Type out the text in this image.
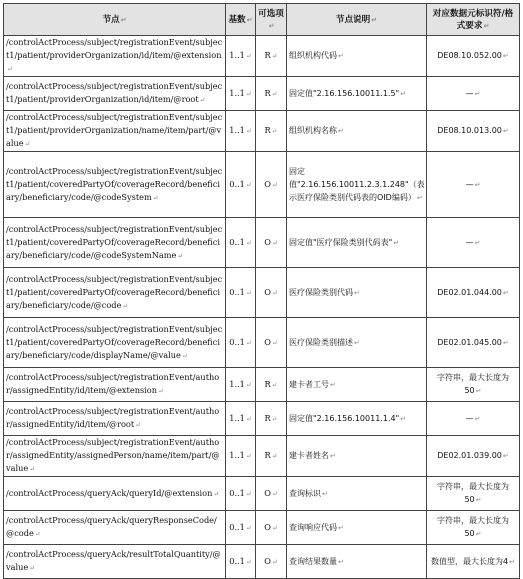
节点↵	基数↵	可选项↵	节点说明↵	对应数据元标识符/格式要求↵
/controlActProcess/subject/registrationEvent/subject1/patient/providerOrganization/id/item/@extension↵	1..1↵	R↵	组织机构代码↵	DE08.10.052.00↵
/controlActProcess/subject/registrationEvent/subject1/patient/providerOrganization/id/item/@root↵	1..1↵	R↵	固定值"2.16.156.10011.1.5"↵	—↵
/controlActProcess/subject/registrationEvent/subject1/patient/providerOrganization/name/item/part/@value↵	1..1↵	R↵	组织机构名称↵	DE08.10.013.00↵
/controlActProcess/subject/registrationEvent/subject1/patient/coveredPartyOf/coverageRecord/beneficiary/beneficiary/code/@codeSystem↵	0..1↵	O↵	固定值"2.16.156.10011.2.3.1.248"（表示医疗保险类别代码表的OID编码）↵	—↵
/controlActProcess/subject/registrationEvent/subject1/patient/coveredPartyOf/coverageRecord/beneficiary/beneficiary/code/@codeSystemName↵	0..1↵	O↵	固定值"医疗保险类别代码表"↵	—↵
/controlActProcess/subject/registrationEvent/subject1/patient/coveredPartyOf/coverageRecord/beneficiary/beneficiary/code/@code↵	0..1↵	O↵	医疗保险类别代码↵	DE02.01.044.00↵
/controlActProcess/subject/registrationEvent/subject1/patient/coveredPartyOf/coverageRecord/beneficiary/beneficiary/code/displayName/@value↵	0..1↵	O↵	医疗保险类别描述↵	DE02.01.045.00↵
/controlActProcess/subject/registrationEvent/author/assignedEntity/id/item/@extension↵	1..1↵	R↵	建卡者工号↵	字符串，最大长度为50↵
/controlActProcess/subject/registrationEvent/author/assignedEntity/id/item/@root↵	1..1↵	R↵	固定值"2.16.156.10011.1.4"↵	—↵
/controlActProcess/subject/registrationEvent/author/assignedEntity/assignedPerson/name/item/part/@value↵	1..1↵	R↵	建卡者姓名↵	DE02.01.039.00↵
/controlActProcess/queryAck/queryId/@extension↵	0..1↵	O↵	查询标识↵	字符串，最大长度为50↵
/controlActProcess/queryAck/queryResponseCode/@code↵	0..1↵	O↵	查询响应代码↵	字符串，最大长度为50↵
/controlActProcess/queryAck/resultTotalQuantity/@value↵	0..1↵	O↵	查询结果数量↵	数值型，最大长度为4↵
